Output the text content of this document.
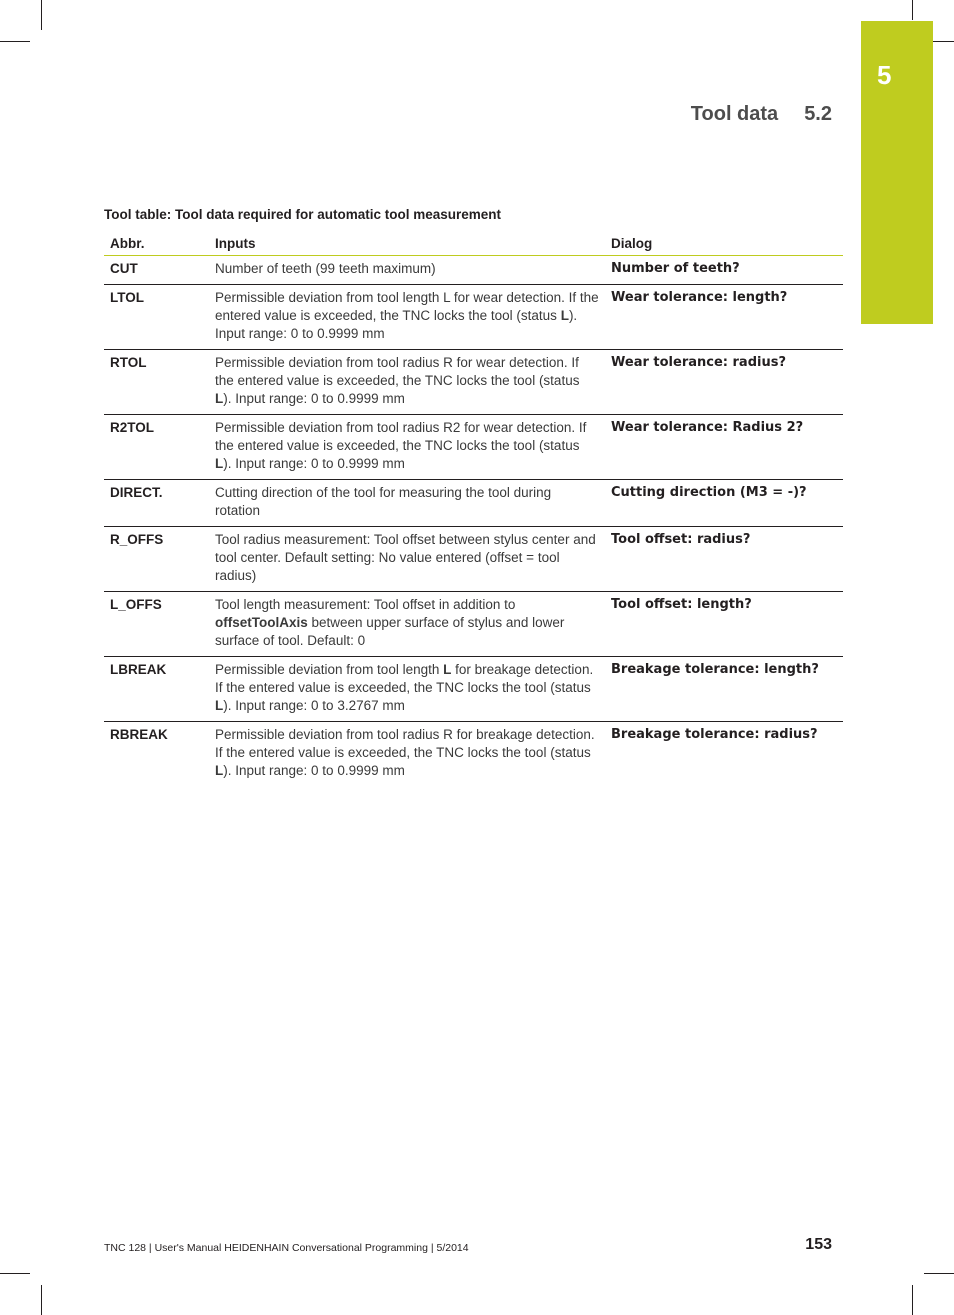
5
Tool data 5.2
Tool table: Tool data required for automatic tool measurement
Abbr.	Inputs	Dialog
CUT	Number of teeth (99 teeth maximum)	Number of teeth?
LTOL	Permissible deviation from tool length L for wear detection. If the entered value is exceeded, the TNC locks the tool (status L). Input range: 0 to 0.9999 mm	Wear tolerance: length?
RTOL	Permissible deviation from tool radius R for wear detection. If the entered value is exceeded, the TNC locks the tool (status L). Input range: 0 to 0.9999 mm	Wear tolerance: radius?
R2TOL	Permissible deviation from tool radius R2 for wear detection. If the entered value is exceeded, the TNC locks the tool (status L). Input range: 0 to 0.9999 mm	Wear tolerance: Radius 2?
DIRECT.	Cutting direction of the tool for measuring the tool during rotation	Cutting direction (M3 = -)?
R_OFFS	Tool radius measurement: Tool offset between stylus center and tool center. Default setting: No value entered (offset = tool radius)	Tool offset: radius?
L_OFFS	Tool length measurement: Tool offset in addition to offsetToolAxis between upper surface of stylus and lower surface of tool. Default: 0	Tool offset: length?
LBREAK	Permissible deviation from tool length L for breakage detection. If the entered value is exceeded, the TNC locks the tool (status L). Input range: 0 to 3.2767 mm	Breakage tolerance: length?
RBREAK	Permissible deviation from tool radius R for breakage detection. If the entered value is exceeded, the TNC locks the tool (status L). Input range: 0 to 0.9999 mm	Breakage tolerance: radius?
TNC 128 | User's Manual HEIDENHAIN Conversational Programming | 5/2014	153
